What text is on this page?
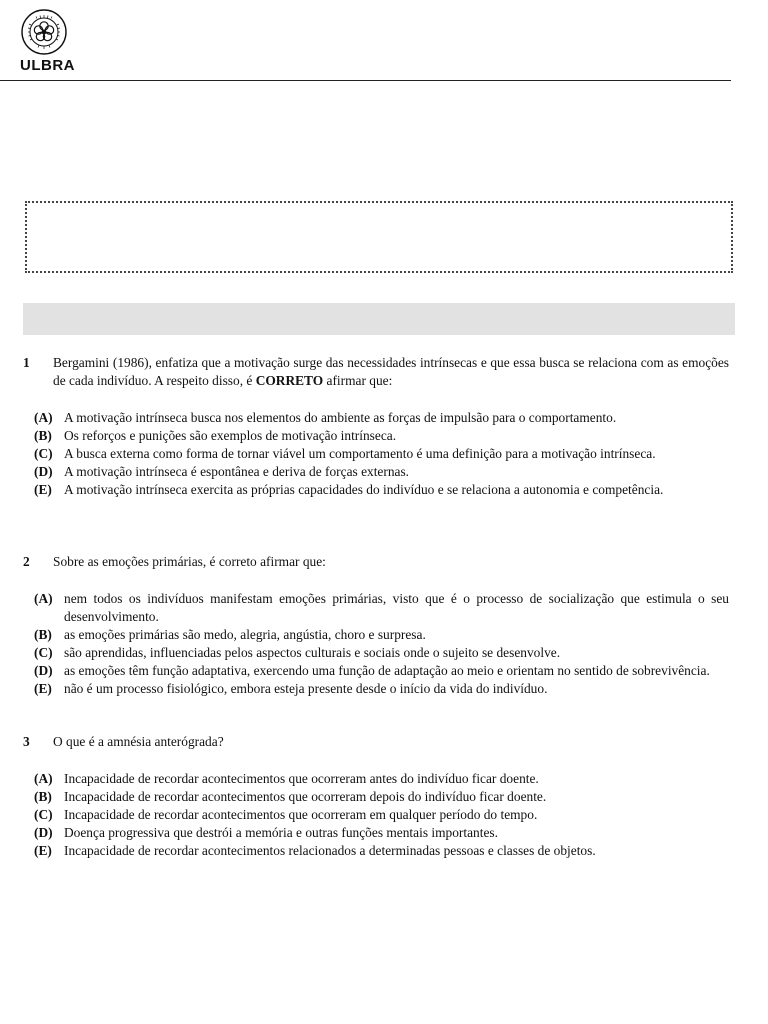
ULBRA
1	Bergamini (1986), enfatiza que a motivação surge das necessidades intrínsecas e que essa busca se relaciona com as emoções de cada indivíduo. A respeito disso, é CORRETO afirmar que:
(A) A motivação intrínseca busca nos elementos do ambiente as forças de impulsão para o comportamento.
(B) Os reforços e punições são exemplos de motivação intrínseca.
(C) A busca externa como forma de tornar viável um comportamento é uma definição para a motivação intrínseca.
(D) A motivação intrínseca é espontânea e deriva de forças externas.
(E) A motivação intrínseca exercita as próprias capacidades do indivíduo e se relaciona a autonomia e competência.
2	Sobre as emoções primárias, é correto afirmar que:
(A) nem todos os indivíduos manifestam emoções primárias, visto que é o processo de socialização que estimula o seu desenvolvimento.
(B) as emoções primárias são medo, alegria, angústia, choro e surpresa.
(C) são aprendidas, influenciadas pelos aspectos culturais e sociais onde o sujeito se desenvolve.
(D) as emoções têm função adaptativa, exercendo uma função de adaptação ao meio e orientam no sentido de sobrevivência.
(E) não é um processo fisiológico, embora esteja presente desde o início da vida do indivíduo.
3	O que é a amnésia anterógrada?
(A) Incapacidade de recordar acontecimentos que ocorreram antes do indivíduo ficar doente.
(B) Incapacidade de recordar acontecimentos que ocorreram depois do indivíduo ficar doente.
(C) Incapacidade de recordar acontecimentos que ocorreram em qualquer período do tempo.
(D) Doença progressiva que destrói a memória e outras funções mentais importantes.
(E) Incapacidade de recordar acontecimentos relacionados a determinadas pessoas e classes de objetos.
